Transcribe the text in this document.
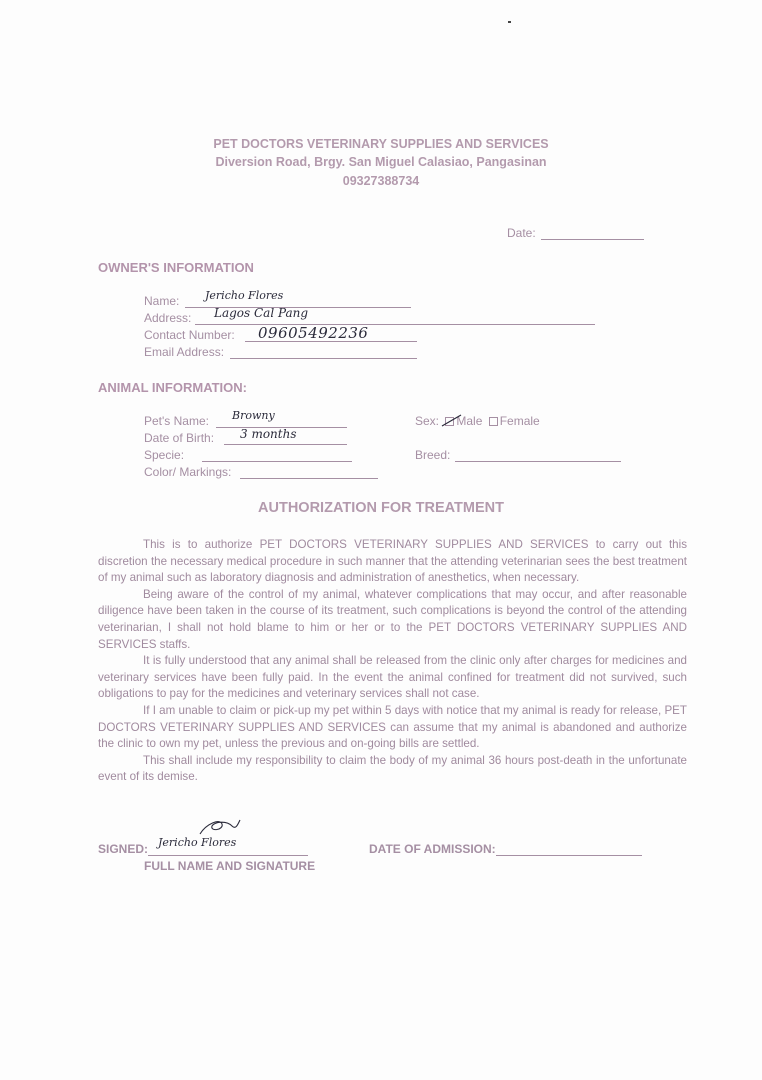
PET DOCTORS VETERINARY SUPPLIES AND SERVICES
Diversion Road, Brgy. San Miguel Calasiao, Pangasinan
09327388734
Date:
OWNER'S INFORMATION
Name: Jericho Flores
Address: Lagos Cal Pang
Contact Number: 09605492236
Email Address:
ANIMAL INFORMATION:
Pet's Name: Browny
Date of Birth: 3 months
Specie:
Color/ Markings:
Sex: Male Female
Breed:
AUTHORIZATION FOR TREATMENT

This is to authorize PET DOCTORS VETERINARY SUPPLIES AND SERVICES to carry out this discretion the necessary medical procedure in such manner that the attending veterinarian sees the best treatment of my animal such as laboratory diagnosis and administration of anesthetics, when necessary.

Being aware of the control of my animal, whatever complications that may occur, and after reasonable diligence have been taken in the course of its treatment, such complications is beyond the control of the attending veterinarian, I shall not hold blame to him or her or to the PET DOCTORS VETERINARY SUPPLIES AND SERVICES staffs.

It is fully understood that any animal shall be released from the clinic only after charges for medicines and veterinary services have been fully paid. In the event the animal confined for treatment did not survived, such obligations to pay for the medicines and veterinary services shall not case.

If I am unable to claim or pick-up my pet within 5 days with notice that my animal is ready for release, PET DOCTORS VETERINARY SUPPLIES AND SERVICES can assume that my animal is abandoned and authorize the clinic to own my pet, unless the previous and on-going bills are settled.

This shall include my responsibility to claim the body of my animal 36 hours post-death in the unfortunate event of its demise.

SIGNED: Jericho Flores
FULL NAME AND SIGNATURE
DATE OF ADMISSION:
